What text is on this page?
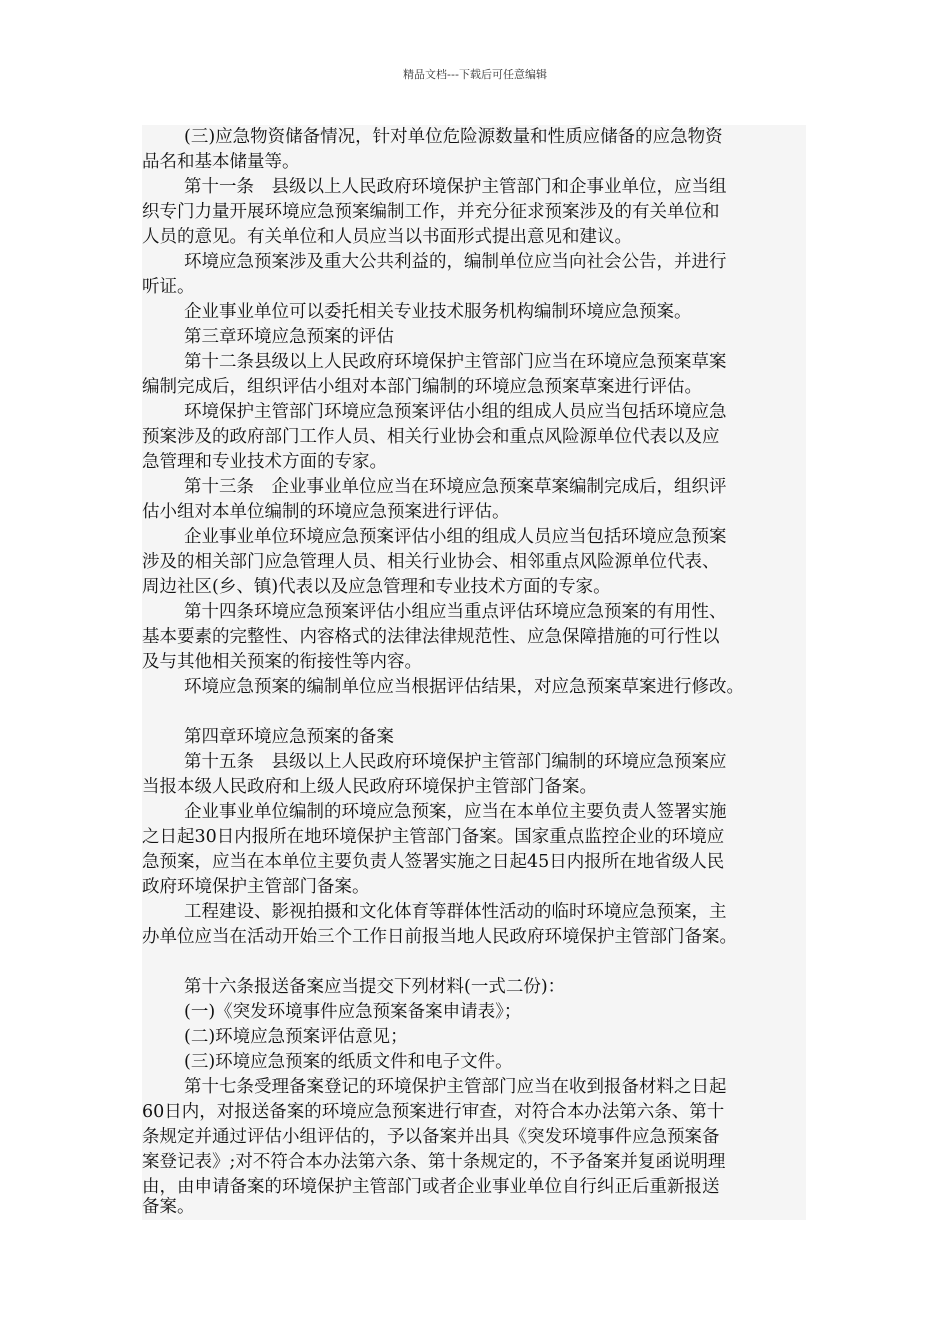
精品文档---下载后可任意编辑
(三)应急物资储备情况，针对单位危险源数量和性质应储备的应急物资
品名和基本储量等。
第十一条　县级以上人民政府环境保护主管部门和企事业单位，应当组
织专门力量开展环境应急预案编制工作，并充分征求预案涉及的有关单位和
人员的意见。有关单位和人员应当以书面形式提出意见和建议。
环境应急预案涉及重大公共利益的，编制单位应当向社会公告，并进行
听证。
企业事业单位可以委托相关专业技术服务机构编制环境应急预案。
第三章环境应急预案的评估
第十二条县级以上人民政府环境保护主管部门应当在环境应急预案草案
编制完成后，组织评估小组对本部门编制的环境应急预案草案进行评估。
环境保护主管部门环境应急预案评估小组的组成人员应当包括环境应急
预案涉及的政府部门工作人员、相关行业协会和重点风险源单位代表以及应
急管理和专业技术方面的专家。
第十三条　企业事业单位应当在环境应急预案草案编制完成后，组织评
估小组对本单位编制的环境应急预案进行评估。
企业事业单位环境应急预案评估小组的组成人员应当包括环境应急预案
涉及的相关部门应急管理人员、相关行业协会、相邻重点风险源单位代表、
周边社区(乡、镇)代表以及应急管理和专业技术方面的专家。
第十四条环境应急预案评估小组应当重点评估环境应急预案的有用性、
基本要素的完整性、内容格式的法律法律规范性、应急保障措施的可行性以
及与其他相关预案的衔接性等内容。
环境应急预案的编制单位应当根据评估结果，对应急预案草案进行修改。
第四章环境应急预案的备案
第十五条　县级以上人民政府环境保护主管部门编制的环境应急预案应
当报本级人民政府和上级人民政府环境保护主管部门备案。
企业事业单位编制的环境应急预案，应当在本单位主要负责人签署实施
之日起30日内报所在地环境保护主管部门备案。国家重点监控企业的环境应
急预案，应当在本单位主要负责人签署实施之日起45日内报所在地省级人民
政府环境保护主管部门备案。
工程建设、影视拍摄和文化体育等群体性活动的临时环境应急预案，主
办单位应当在活动开始三个工作日前报当地人民政府环境保护主管部门备案。
第十六条报送备案应当提交下列材料(一式二份)：
(一)《突发环境事件应急预案备案申请表》；
(二)环境应急预案评估意见；
(三)环境应急预案的纸质文件和电子文件。
第十七条受理备案登记的环境保护主管部门应当在收到报备材料之日起
60日内，对报送备案的环境应急预案进行审查，对符合本办法第六条、第十
条规定并通过评估小组评估的，予以备案并出具《突发环境事件应急预案备
案登记表》;对不符合本办法第六条、第十条规定的，不予备案并复函说明理
由，由申请备案的环境保护主管部门或者企业事业单位自行纠正后重新报送
备案。
